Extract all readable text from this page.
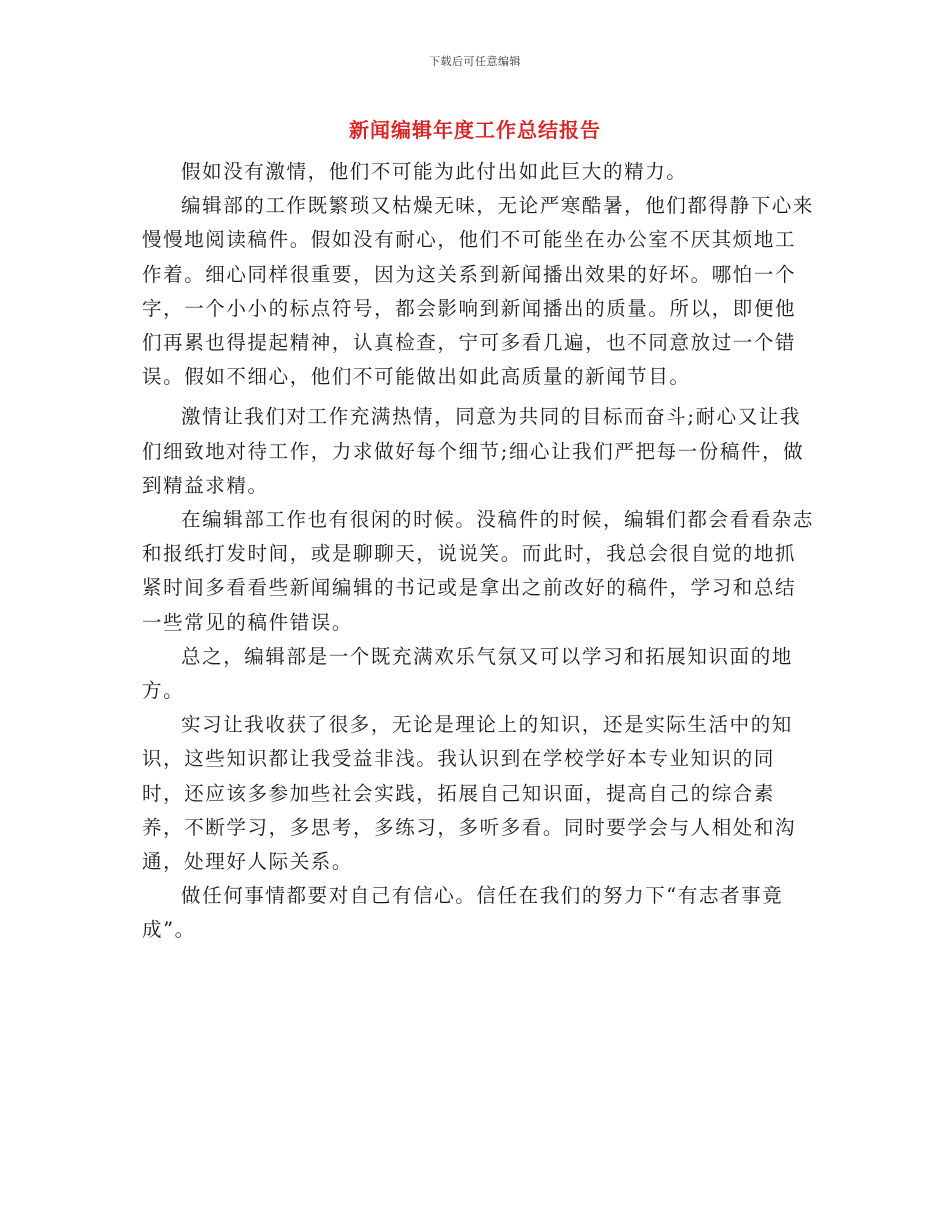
下载后可任意编辑
新闻编辑年度工作总结报告

假如没有激情，他们不可能为此付出如此巨大的精力。

编辑部的工作既繁琐又枯燥无味，无论严寒酷暑，他们都得静下心来慢慢地阅读稿件。假如没有耐心，他们不可能坐在办公室不厌其烦地工作着。细心同样很重要，因为这关系到新闻播出效果的好坏。哪怕一个字，一个小小的标点符号，都会影响到新闻播出的质量。所以，即便他们再累也得提起精神，认真检查，宁可多看几遍，也不同意放过一个错误。假如不细心，他们不可能做出如此高质量的新闻节目。

激情让我们对工作充满热情，同意为共同的目标而奋斗;耐心又让我们细致地对待工作，力求做好每个细节;细心让我们严把每一份稿件，做到精益求精。

在编辑部工作也有很闲的时候。没稿件的时候，编辑们都会看看杂志和报纸打发时间，或是聊聊天，说说笑。而此时，我总会很自觉的地抓紧时间多看看些新闻编辑的书记或是拿出之前改好的稿件，学习和总结一些常见的稿件错误。

总之，编辑部是一个既充满欢乐气氛又可以学习和拓展知识面的地方。

实习让我收获了很多，无论是理论上的知识，还是实际生活中的知识，这些知识都让我受益非浅。我认识到在学校学好本专业知识的同时，还应该多参加些社会实践，拓展自己知识面，提高自己的综合素养，不断学习，多思考，多练习，多听多看。同时要学会与人相处和沟通，处理好人际关系。

做任何事情都要对自己有信心。信任在我们的努力下“有志者事竟成”。
